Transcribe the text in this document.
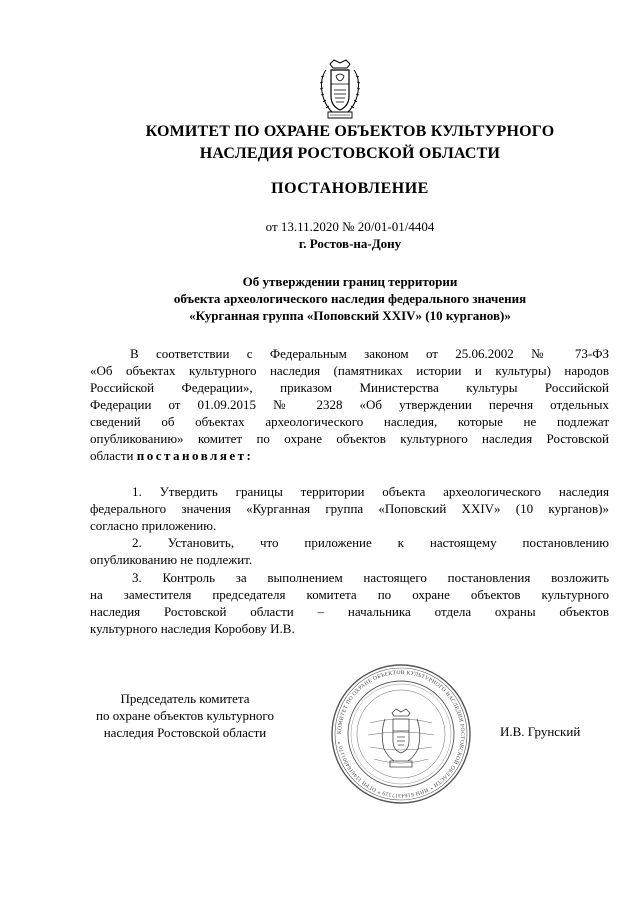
КОМИТЕТ ПО ОХРАНЕ ОБЪЕКТОВ КУЛЬТУРНОГО
НАСЛЕДИЯ РОСТОВСКОЙ ОБЛАСТИ
ПОСТАНОВЛЕНИЕ
от 13.11.2020 № 20/01-01/4404
г. Ростов-на-Дону
Об утверждении границ территории
объекта археологического наследия федерального значения
«Курганная группа «Поповский XXIV» (10 курганов)»
В соответствии с Федеральным законом от 25.06.2002 № 73-ФЗ
«Об объектах культурного наследия (памятниках истории и культуры) народов
Российской Федерации», приказом Министерства культуры Российской
Федерации от 01.09.2015 № 2328 «Об утверждении перечня отдельных
сведений об объектах археологического наследия, которые не подлежат
опубликованию» комитет по охране объектов культурного наследия Ростовской
области постановляет:
1. Утвердить границы территории объекта археологического наследия
федерального значения «Курганная группа «Поповский XXIV» (10 курганов)»
согласно приложению.
2. Установить, что приложение к настоящему постановлению
опубликованию не подлежит.
3. Контроль за выполнением настоящего постановления возложить
на заместителя председателя комитета по охране объектов культурного
наследия Ростовской области – начальника отдела охраны объектов
культурного наследия Коробову И.В.
КОМИТЕТ ПО ОХРАНЕ ОБЪЕКТОВ КУЛЬТУРНОГО НАСЛЕДИЯ РОСТОВСКОЙ ОБЛАСТИ * ИНН 6164317329 * ОГРН 1146164001170 *
Председатель комитета
по охране объектов культурного
наследия Ростовской области	И.В. Грунский
